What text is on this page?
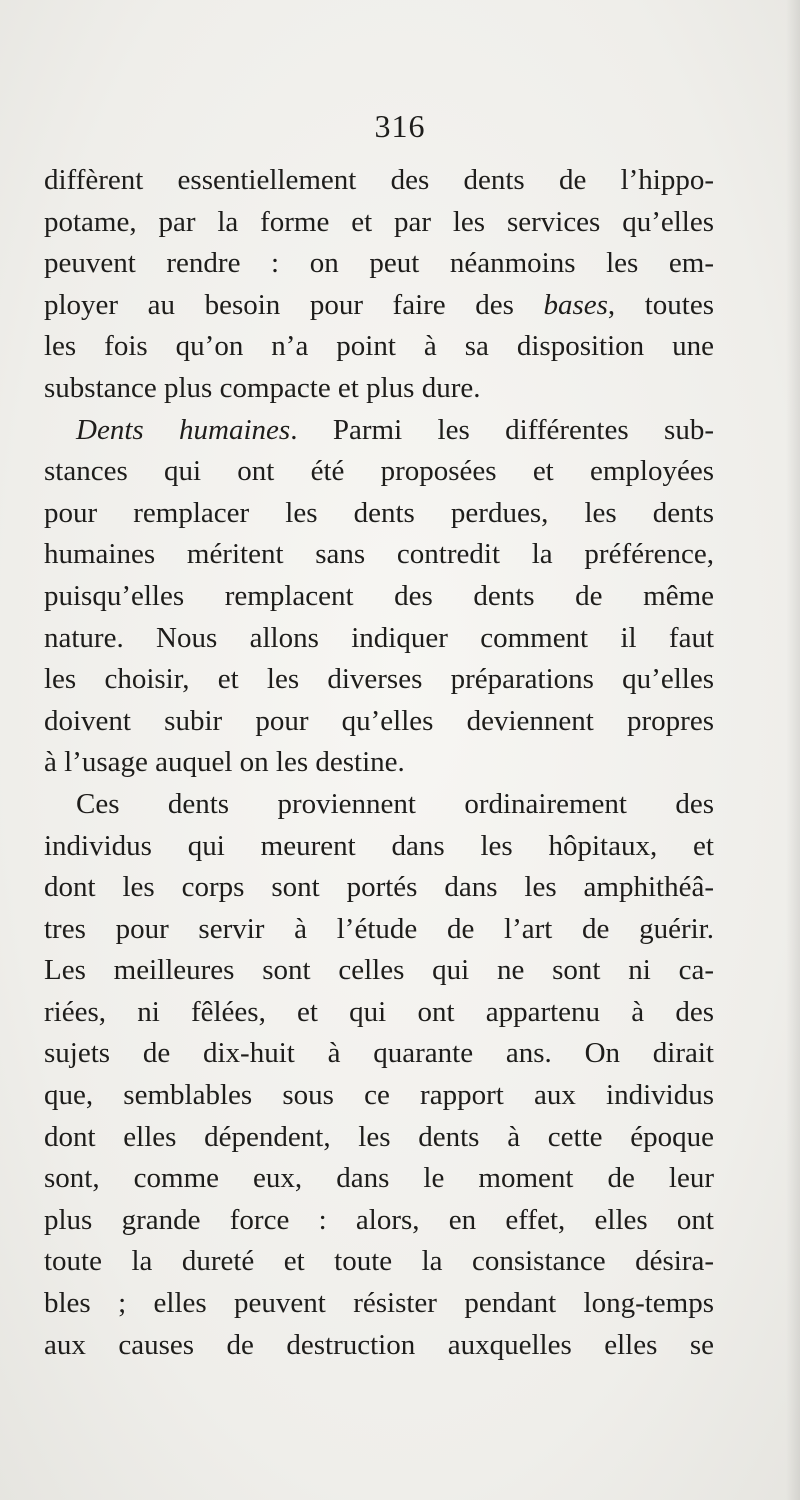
316
diffèrent essentiellement des dents de l’hippo-
potame, par la forme et par les services qu’elles
peuvent rendre : on peut néanmoins les em-
ployer au besoin pour faire des bases, toutes
les fois qu’on n’a point à sa disposition une
substance plus compacte et plus dure.
Dents humaines. Parmi les différentes sub-
stances qui ont été proposées et employées
pour remplacer les dents perdues, les dents
humaines méritent sans contredit la préférence,
puisqu’elles remplacent des dents de même
nature. Nous allons indiquer comment il faut
les choisir, et les diverses préparations qu’elles
doivent subir pour qu’elles deviennent propres
à l’usage auquel on les destine.
Ces dents proviennent ordinairement des
individus qui meurent dans les hôpitaux, et
dont les corps sont portés dans les amphithéâ-
tres pour servir à l’étude de l’art de guérir.
Les meilleures sont celles qui ne sont ni ca-
riées, ni fêlées, et qui ont appartenu à des
sujets de dix-huit à quarante ans. On dirait
que, semblables sous ce rapport aux individus
dont elles dépendent, les dents à cette époque
sont, comme eux, dans le moment de leur
plus grande force : alors, en effet, elles ont
toute la dureté et toute la consistance désira-
bles ; elles peuvent résister pendant long-temps
aux causes de destruction auxquelles elles se
